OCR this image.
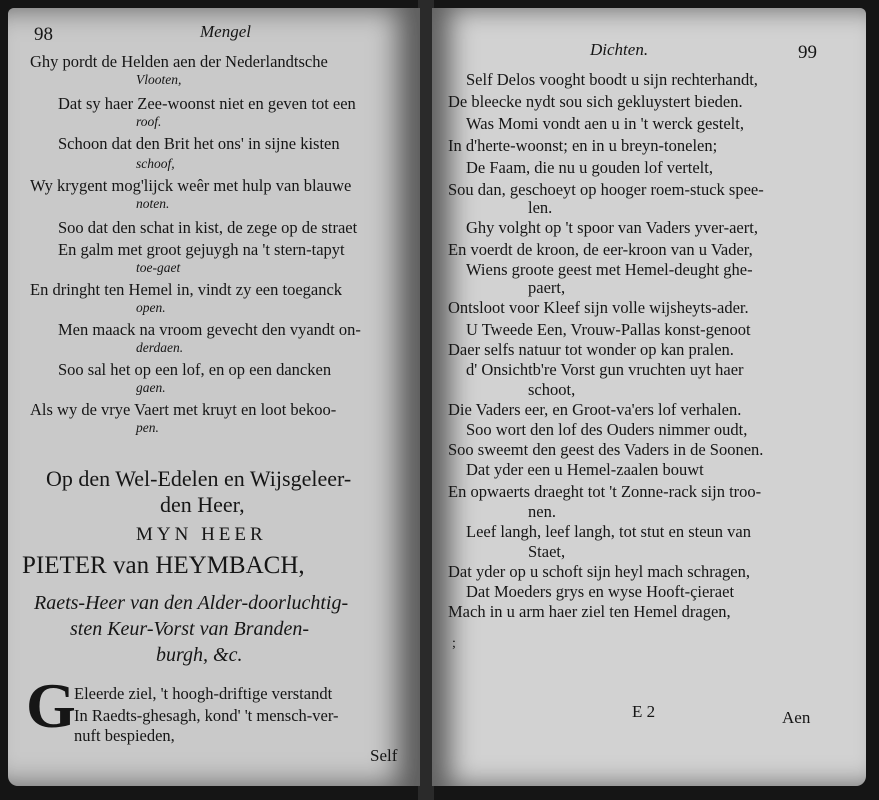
98	Mengel
Ghy pordt de Helden aen der Nederlandtsche
Vlooten,
Dat sy haer Zee-woonst niet en geven tot een
roof.
Schoon dat den Brit het ons' in sijne kisten
schoof,
Wy krygent mog'lijck weêr met hulp van blauwe
noten.
Soo dat den schat in kist, de zege op de straet
En galm met groot gejuygh na 't stern-tapyt
toe-gaet
En dringht ten Hemel in, vindt zy een toeganck
open.
Men maack na vroom gevecht den vyandt on-
derdaen.
Soo sal het op een lof, en op een dancken
gaen.
Als wy de vrye Vaert met kruyt en loot bekoo-
pen.
Op den Wel-Edelen en Wijsgeleer-
den Heer,
MYN HEER
PIETER van HEYMBACH,
Raets-Heer van den Alder-doorluchtig-
sten Keur-Vorst van Branden-
burgh, &c.
G
Eleerde ziel, 't hoogh-driftige verstandt
In Raedts-ghesagh, kond' 't mensch-ver-
nuft bespieden,
Self
Dichten.	99
Self Delos vooght boodt u sijn rechterhandt,
De bleecke nydt sou sich gekluystert bieden.
Was Momi vondt aen u in 't werck gestelt,
In d'herte-woonst; en in u breyn-tonelen;
De Faam, die nu u gouden lof vertelt,
Sou dan, geschoeyt op hooger roem-stuck spee-
len.
Ghy volght op 't spoor van Vaders yver-aert,
En voerdt de kroon, de eer-kroon van u Vader,
Wiens groote geest met Hemel-deught ghe-
paert,
Ontsloot voor Kleef sijn volle wijsheyts-ader.
U Tweede Een, Vrouw-Pallas konst-genoot
Daer selfs natuur tot wonder op kan pralen.
d' Onsichtb're Vorst gun vruchten uyt haer
schoot,
Die Vaders eer, en Groot-va'ers lof verhalen.
Soo wort den lof des Ouders nimmer oudt,
Soo sweemt den geest des Vaders in de Soonen.
Dat yder een u Hemel-zaalen bouwt
En opwaerts draeght tot 't Zonne-rack sijn troo-
nen.
Leef langh, leef langh, tot stut en steun van
Staet,
Dat yder op u schoft sijn heyl mach schragen,
Dat Moeders grys en wyse Hooft-çieraet
Mach in u arm haer ziel ten Hemel dragen,
;
E 2	Aen
